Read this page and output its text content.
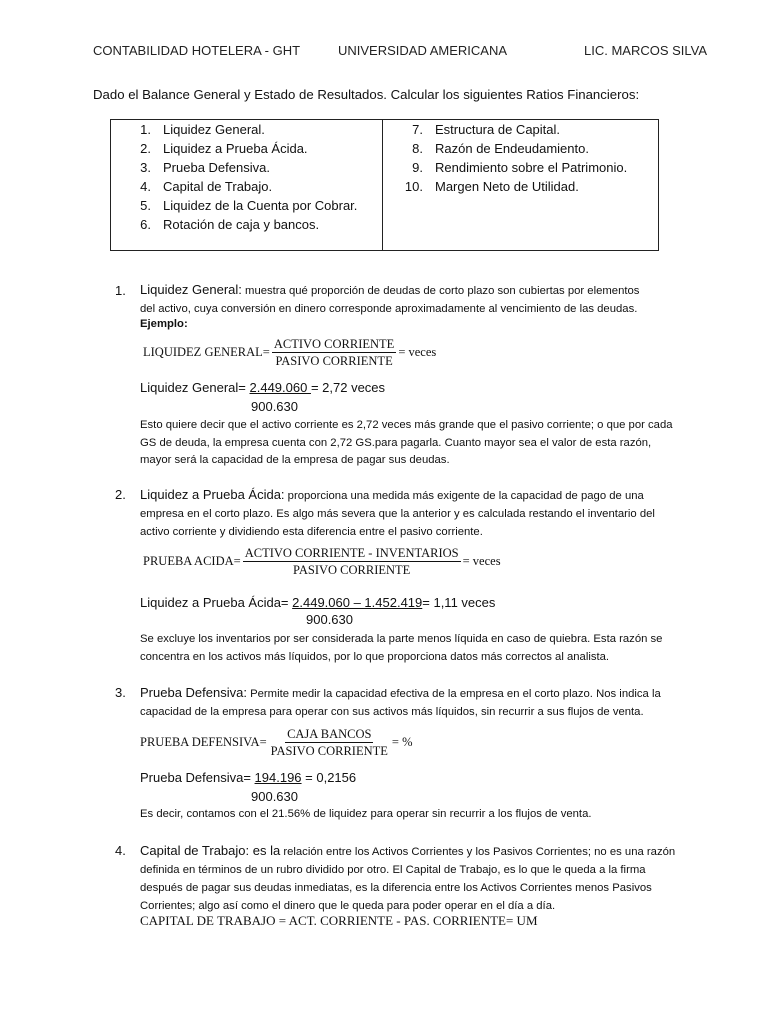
CONTABILIDAD HOTELERA - GHT	UNIVERSIDAD AMERICANA	LIC. MARCOS SILVA
Dado el Balance General y Estado de Resultados. Calcular los siguientes Ratios Financieros:
1. Liquidez General.
2. Liquidez a Prueba Ácida.
3. Prueba Defensiva.
4. Capital de Trabajo.
5. Liquidez de la Cuenta por Cobrar.
6. Rotación de caja y bancos.
7. Estructura de Capital.
8. Razón de Endeudamiento.
9. Rendimiento sobre el Patrimonio.
10. Margen Neto de Utilidad.
1. Liquidez General: muestra qué proporción de deudas de corto plazo son cubiertas por elementos
del activo, cuya conversión en dinero corresponde aproximadamente al vencimiento de las deudas.
Ejemplo:
LIQUIDEZ GENERAL= $\frac{\text{ACTIVO CORRIENTE}}{\text{PASIVO CORRIENTE}}$ = veces
Liquidez General= 2.449.060 = 2,72 veces
900.630
Esto quiere decir que el activo corriente es 2,72 veces más grande que el pasivo corriente; o que por cada GS de deuda, la empresa cuenta con 2,72 GS.para pagarla. Cuanto mayor sea el valor de esta razón, mayor será la capacidad de la empresa de pagar sus deudas.
2. Liquidez a Prueba Ácida: proporciona una medida más exigente de la capacidad de pago de una empresa en el corto plazo. Es algo más severa que la anterior y es calculada restando el inventario del activo corriente y dividiendo esta diferencia entre el pasivo corriente.
PRUEBA ACIDA= $\frac{\text{ACTIVO CORRIENTE - INVENTARIOS}}{\text{PASIVO CORRIENTE}}$ = veces
Liquidez a Prueba Ácida= 2.449.060 – 1.452.419= 1,11 veces
900.630
Se excluye los inventarios por ser considerada la parte menos líquida en caso de quiebra. Esta razón se concentra en los activos más líquidos, por lo que proporciona datos más correctos al analista.
3. Prueba Defensiva: Permite medir la capacidad efectiva de la empresa en el corto plazo. Nos indica la capacidad de la empresa para operar con sus activos más líquidos, sin recurrir a sus flujos de venta.
PRUEBA DEFENSIVA= $\frac{\text{CAJA BANCOS}}{\text{PASIVO CORRIENTE}}$ = %
Prueba Defensiva= 194.196 = 0,2156
900.630
Es decir, contamos con el 21.56% de liquidez para operar sin recurrir a los flujos de venta.
4. Capital de Trabajo: es la relación entre los Activos Corrientes y los Pasivos Corrientes; no es una razón definida en términos de un rubro dividido por otro. El Capital de Trabajo, es lo que le queda a la firma después de pagar sus deudas inmediatas, es la diferencia entre los Activos Corrientes menos Pasivos Corrientes; algo así como el dinero que le queda para poder operar en el día a día.
CAPITAL DE TRABAJO = ACT. CORRIENTE - PAS. CORRIENTE= UM
